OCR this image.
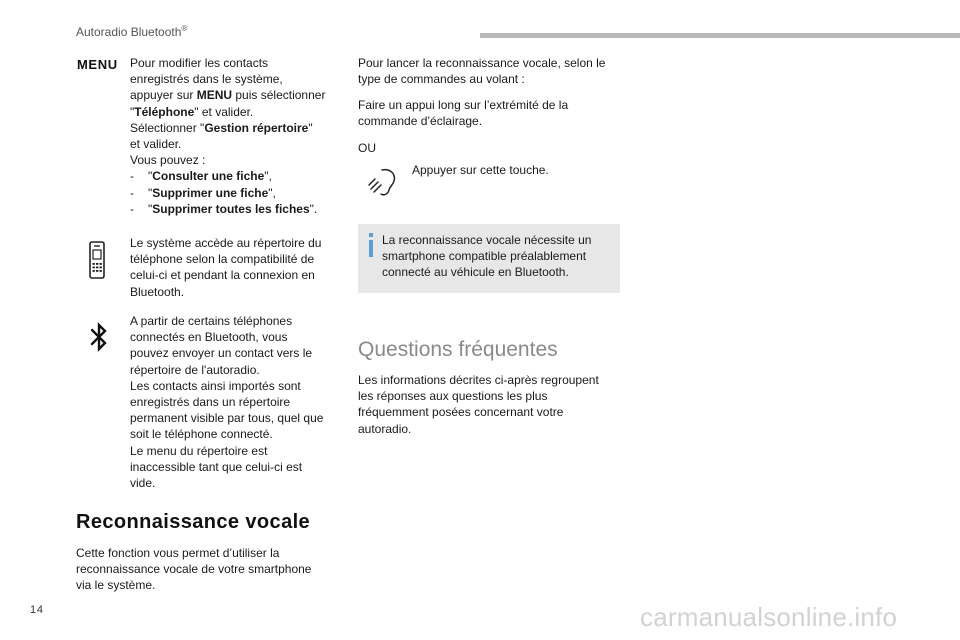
Autoradio Bluetooth®
MENU Pour modifier les contacts
enregistrés dans le système,
appuyer sur MENU puis sélectionner
"Téléphone" et valider.
Sélectionner "Gestion répertoire"
et valider.
Vous pouvez :
- "Consulter une fiche",
- "Supprimer une fiche",
- "Supprimer toutes les fiches".
Le système accède au répertoire du
téléphone selon la compatibilité de
celui-ci et pendant la connexion en
Bluetooth.
A partir de certains téléphones
connectés en Bluetooth, vous
pouvez envoyer un contact vers le
répertoire de l'autoradio.
Les contacts ainsi importés sont
enregistrés dans un répertoire
permanent visible par tous, quel que
soit le téléphone connecté.
Le menu du répertoire est
inaccessible tant que celui-ci est
vide.
Reconnaissance vocale
Cette fonction vous permet d’utiliser la
reconnaissance vocale de votre smartphone
via le système.
Pour lancer la reconnaissance vocale, selon le
type de commandes au volant :
Faire un appui long sur l’extrémité de la
commande d’éclairage.
OU
Appuyer sur cette touche.
La reconnaissance vocale nécessite un
smartphone compatible préalablement
connecté au véhicule en Bluetooth.
Questions fréquentes
Les informations décrites ci-après regroupent
les réponses aux questions les plus
fréquemment posées concernant votre
autoradio.
14	carmanualsonline.info
